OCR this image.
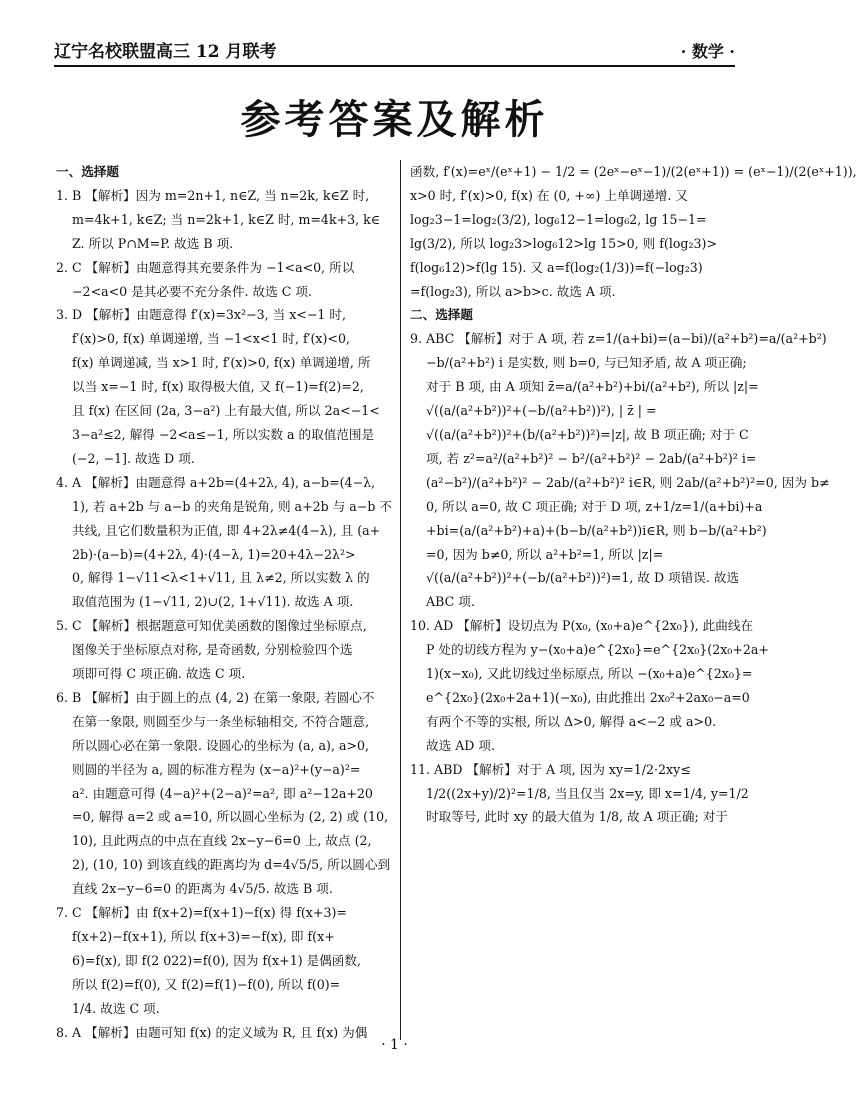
辽宁名校联盟高三 12 月联考	· 数学 ·
参考答案及解析
一、选择题
1. B 【解析】因为 m=2n+1, n∈Z, 当 n=2k, k∈Z 时,
m=4k+1, k∈Z; 当 n=2k+1, k∈Z 时, m=4k+3, k∈
Z. 所以 P∩M=P. 故选 B 项.
2. C 【解析】由题意得其充要条件为 −1<a<0, 所以
−2<a<0 是其必要不充分条件. 故选 C 项.
3. D 【解析】由题意得 f′(x)=3x²−3, 当 x<−1 时,
f′(x)>0, f(x) 单调递增, 当 −1<x<1 时, f′(x)<0,
f(x) 单调递减, 当 x>1 时, f′(x)>0, f(x) 单调递增, 所
以当 x=−1 时, f(x) 取得极大值, 又 f(−1)=f(2)=2,
且 f(x) 在区间 (2a, 3−a²) 上有最大值, 所以 2a<−1<
3−a²≤2, 解得 −2<a≤−1, 所以实数 a 的取值范围是
(−2, −1]. 故选 D 项.
4. A 【解析】由题意得 a+2b=(4+2λ, 4), a−b=(4−λ,
1), 若 a+2b 与 a−b 的夹角是锐角, 则 a+2b 与 a−b 不
共线, 且它们数量积为正值, 即 4+2λ≠4(4−λ), 且 (a+
2b)·(a−b)=(4+2λ, 4)·(4−λ, 1)=20+4λ−2λ²>
0, 解得 1−√11<λ<1+√11, 且 λ≠2, 所以实数 λ 的
取值范围为 (1−√11, 2)∪(2, 1+√11). 故选 A 项.
5. C 【解析】根据题意可知优美函数的图像过坐标原点,
图像关于坐标原点对称, 是奇函数, 分别检验四个选
项即可得 C 项正确. 故选 C 项.
6. B 【解析】由于圆上的点 (4, 2) 在第一象限, 若圆心不
在第一象限, 则圆至少与一条坐标轴相交, 不符合题意,
所以圆心必在第一象限. 设圆心的坐标为 (a, a), a>0,
则圆的半径为 a, 圆的标准方程为 (x−a)²+(y−a)²=
a². 由题意可得 (4−a)²+(2−a)²=a², 即 a²−12a+20
=0, 解得 a=2 或 a=10, 所以圆心坐标为 (2, 2) 或 (10,
10), 且此两点的中点在直线 2x−y−6=0 上, 故点 (2,
2), (10, 10) 到该直线的距离均为 d=4√5/5, 所以圆心到
直线 2x−y−6=0 的距离为 4√5/5. 故选 B 项.
7. C 【解析】由 f(x+2)=f(x+1)−f(x) 得 f(x+3)=
f(x+2)−f(x+1), 所以 f(x+3)=−f(x), 即 f(x+
6)=f(x), 即 f(2 022)=f(0), 因为 f(x+1) 是偶函数,
所以 f(2)=f(0), 又 f(2)=f(1)−f(0), 所以 f(0)=
1/4. 故选 C 项.
8. A 【解析】由题可知 f(x) 的定义域为 R, 且 f(x) 为偶
函数, f′(x)=eˣ/(eˣ+1) − 1/2 = (2eˣ−eˣ−1)/(2(eˣ+1)) = (eˣ−1)/(2(eˣ+1)),
x>0 时, f′(x)>0, f(x) 在 (0, +∞) 上单调递增. 又
log₂3−1=log₂(3/2), log₆12−1=log₆2, lg 15−1=
lg(3/2), 所以 log₂3>log₆12>lg 15>0, 则 f(log₂3)>
f(log₆12)>f(lg 15). 又 a=f(log₂(1/3))=f(−log₂3)
=f(log₂3), 所以 a>b>c. 故选 A 项.
二、选择题
9. ABC 【解析】对于 A 项, 若 z=1/(a+bi)=(a−bi)/(a²+b²)=a/(a²+b²)
−b/(a²+b²) i 是实数, 则 b=0, 与已知矛盾, 故 A 项正确;
对于 B 项, 由 A 项知 z̄=a/(a²+b²)+bi/(a²+b²), 所以 |z|=
√((a/(a²+b²))²+(−b/(a²+b²))²), | z̄ | =
√((a/(a²+b²))²+(b/(a²+b²))²)=|z|, 故 B 项正确; 对于 C
项, 若 z²=a²/(a²+b²)² − b²/(a²+b²)² − 2ab/(a²+b²)² i=
(a²−b²)/(a²+b²)² − 2ab/(a²+b²)² i∈R, 则 2ab/(a²+b²)²=0, 因为 b≠
0, 所以 a=0, 故 C 项正确; 对于 D 项, z+1/z=1/(a+bi)+a
+bi=(a/(a²+b²)+a)+(b−b/(a²+b²))i∈R, 则 b−b/(a²+b²)
=0, 因为 b≠0, 所以 a²+b²=1, 所以 |z|=
√((a/(a²+b²))²+(−b/(a²+b²))²)=1, 故 D 项错误. 故选
ABC 项.
10. AD 【解析】设切点为 P(x₀, (x₀+a)e^{2x₀}), 此曲线在
P 处的切线方程为 y−(x₀+a)e^{2x₀}=e^{2x₀}(2x₀+2a+
1)(x−x₀), 又此切线过坐标原点, 所以 −(x₀+a)e^{2x₀}=
e^{2x₀}(2x₀+2a+1)(−x₀), 由此推出 2x₀²+2ax₀−a=0
有两个不等的实根, 所以 Δ>0, 解得 a<−2 或 a>0.
故选 AD 项.
11. ABD 【解析】对于 A 项, 因为 xy=1/2·2xy≤
1/2((2x+y)/2)²=1/8, 当且仅当 2x=y, 即 x=1/4, y=1/2
时取等号, 此时 xy 的最大值为 1/8, 故 A 项正确; 对于
· 1 ·
